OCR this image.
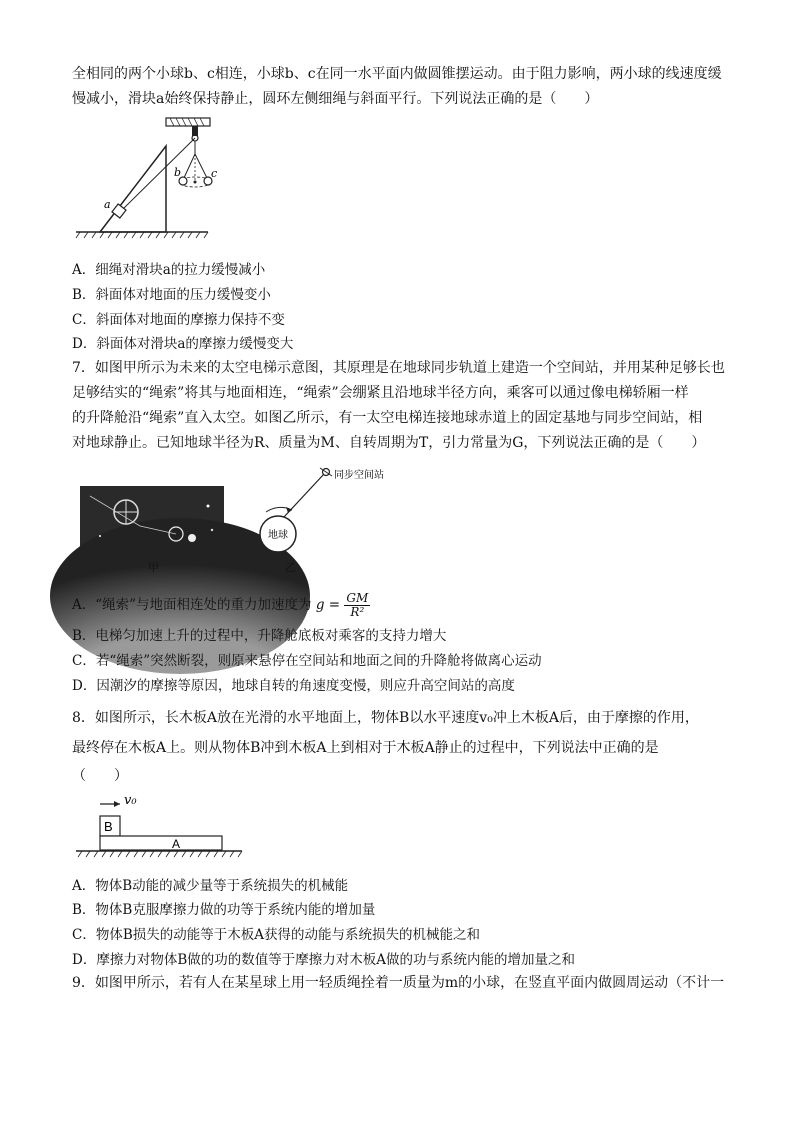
全相同的两个小球b、c相连，小球b、c在同一水平面内做圆锥摆运动。由于阻力影响，两小球的线速度缓
慢减小，滑块a始终保持静止，圆环左侧细绳与斜面平行。下列说法正确的是（　　）
a
b	c
A．细绳对滑块a的拉力缓慢减小
B．斜面体对地面的压力缓慢变小
C．斜面体对地面的摩擦力保持不变
D．斜面体对滑块a的摩擦力缓慢变大
7．如图甲所示为未来的太空电梯示意图，其原理是在地球同步轨道上建造一个空间站，并用某种足够长也
足够结实的“绳索”将其与地面相连，“绳索”会绷紧且沿地球半径方向，乘客可以通过像电梯轿厢一样
的升降舱沿“绳索”直入太空。如图乙所示，有一太空电梯连接地球赤道上的固定基地与同步空间站，相
对地球静止。已知地球半径为R、质量为M、自转周期为T，引力常量为G，下列说法正确的是（　　）
甲
地球
同步空间站
乙
A．“绳索”与地面相连处的重力加速度为 $g = \frac{GM}{\text{R²}}$
B．电梯匀加速上升的过程中，升降舱底板对乘客的支持力增大
C．若“绳索”突然断裂，则原来悬停在空间站和地面之间的升降舱将做离心运动
D．因潮汐的摩擦等原因，地球自转的角速度变慢，则应升高空间站的高度
8．如图所示，长木板A放在光滑的水平地面上，物体B以水平速度v₀冲上木板A后，由于摩擦的作用，
最终停在木板A上。则从物体B冲到木板A上到相对于木板A静止的过程中，下列说法中正确的是
（　　）
v₀
B
A
A．物体B动能的减少量等于系统损失的机械能
B．物体B克服摩擦力做的功等于系统内能的增加量
C．物体B损失的动能等于木板A获得的动能与系统损失的机械能之和
D．摩擦力对物体B做的功的数值等于摩擦力对木板A做的功与系统内能的增加量之和
9．如图甲所示，若有人在某星球上用一轻质绳拴着一质量为m的小球，在竖直平面内做圆周运动（不计一
